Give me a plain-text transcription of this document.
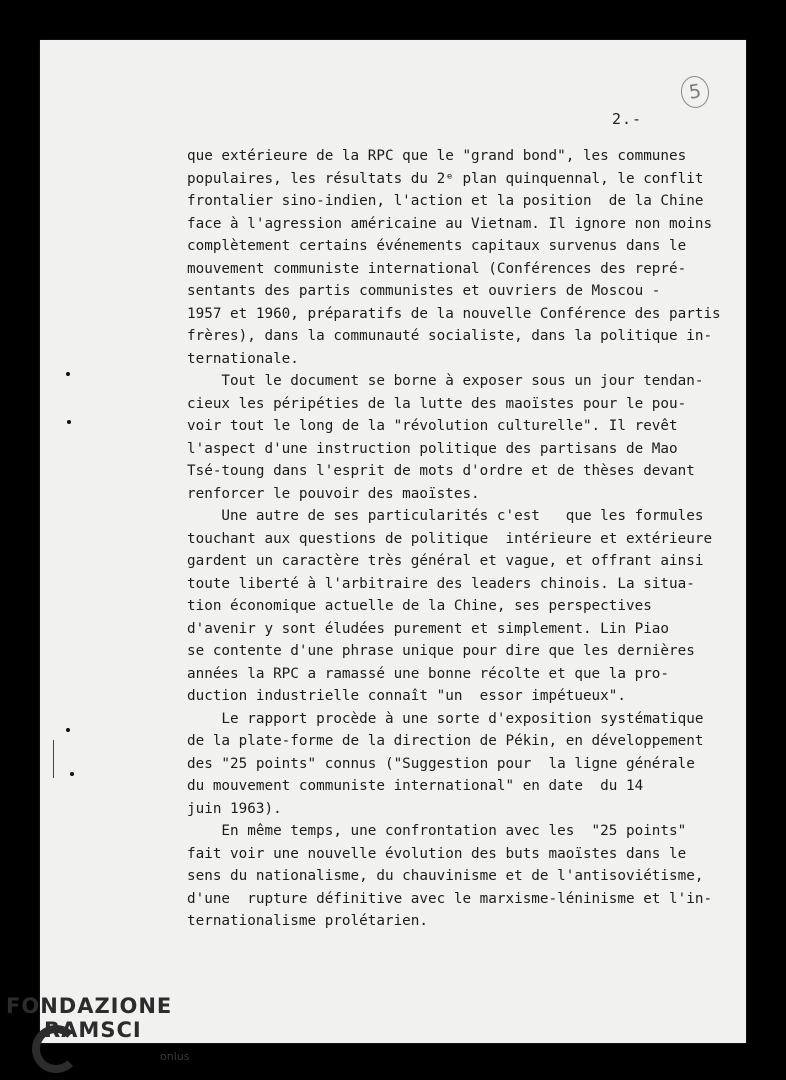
5
2.-
que extérieure de la RPC que le "grand bond", les communes
populaires, les résultats du 2ᵉ plan quinquennal, le conflit
frontalier sino-indien, l'action et la position  de la Chine
face à l'agression américaine au Vietnam. Il ignore non moins
complètement certains événements capitaux survenus dans le
mouvement communiste international (Conférences des repré-
sentants des partis communistes et ouvriers de Moscou -
1957 et 1960, préparatifs de la nouvelle Conférence des partis
frères), dans la communauté socialiste, dans la politique in-
ternationale.
Tout le document se borne à exposer sous un jour tendan-
cieux les péripéties de la lutte des maoïstes pour le pou-
voir tout le long de la "révolution culturelle". Il revêt
l'aspect d'une instruction politique des partisans de Mao
Tsé-toung dans l'esprit de mots d'ordre et de thèses devant
renforcer le pouvoir des maoïstes.
Une autre de ses particularités c'est   que les formules
touchant aux questions de politique  intérieure et extérieure
gardent un caractère très général et vague, et offrant ainsi
toute liberté à l'arbitraire des leaders chinois. La situa-
tion économique actuelle de la Chine, ses perspectives
d'avenir y sont éludées purement et simplement. Lin Piao
se contente d'une phrase unique pour dire que les dernières
années la RPC a ramassé une bonne récolte et que la pro-
duction industrielle connaît "un  essor impétueux".
Le rapport procède à une sorte d'exposition systématique
de la plate-forme de la direction de Pékin, en développement
des "25 points" connus ("Suggestion pour  la ligne générale
du mouvement communiste international" en date  du 14
juin 1963).
En même temps, une confrontation avec les  "25 points"
fait voir une nouvelle évolution des buts maoïstes dans le
sens du nationalisme, du chauvinisme et de l'antisoviétisme,
d'une  rupture définitive avec le marxisme-léninisme et l'in-
ternationalisme prolétarien.
FONDAZIONE
RAMSCI
onlus
